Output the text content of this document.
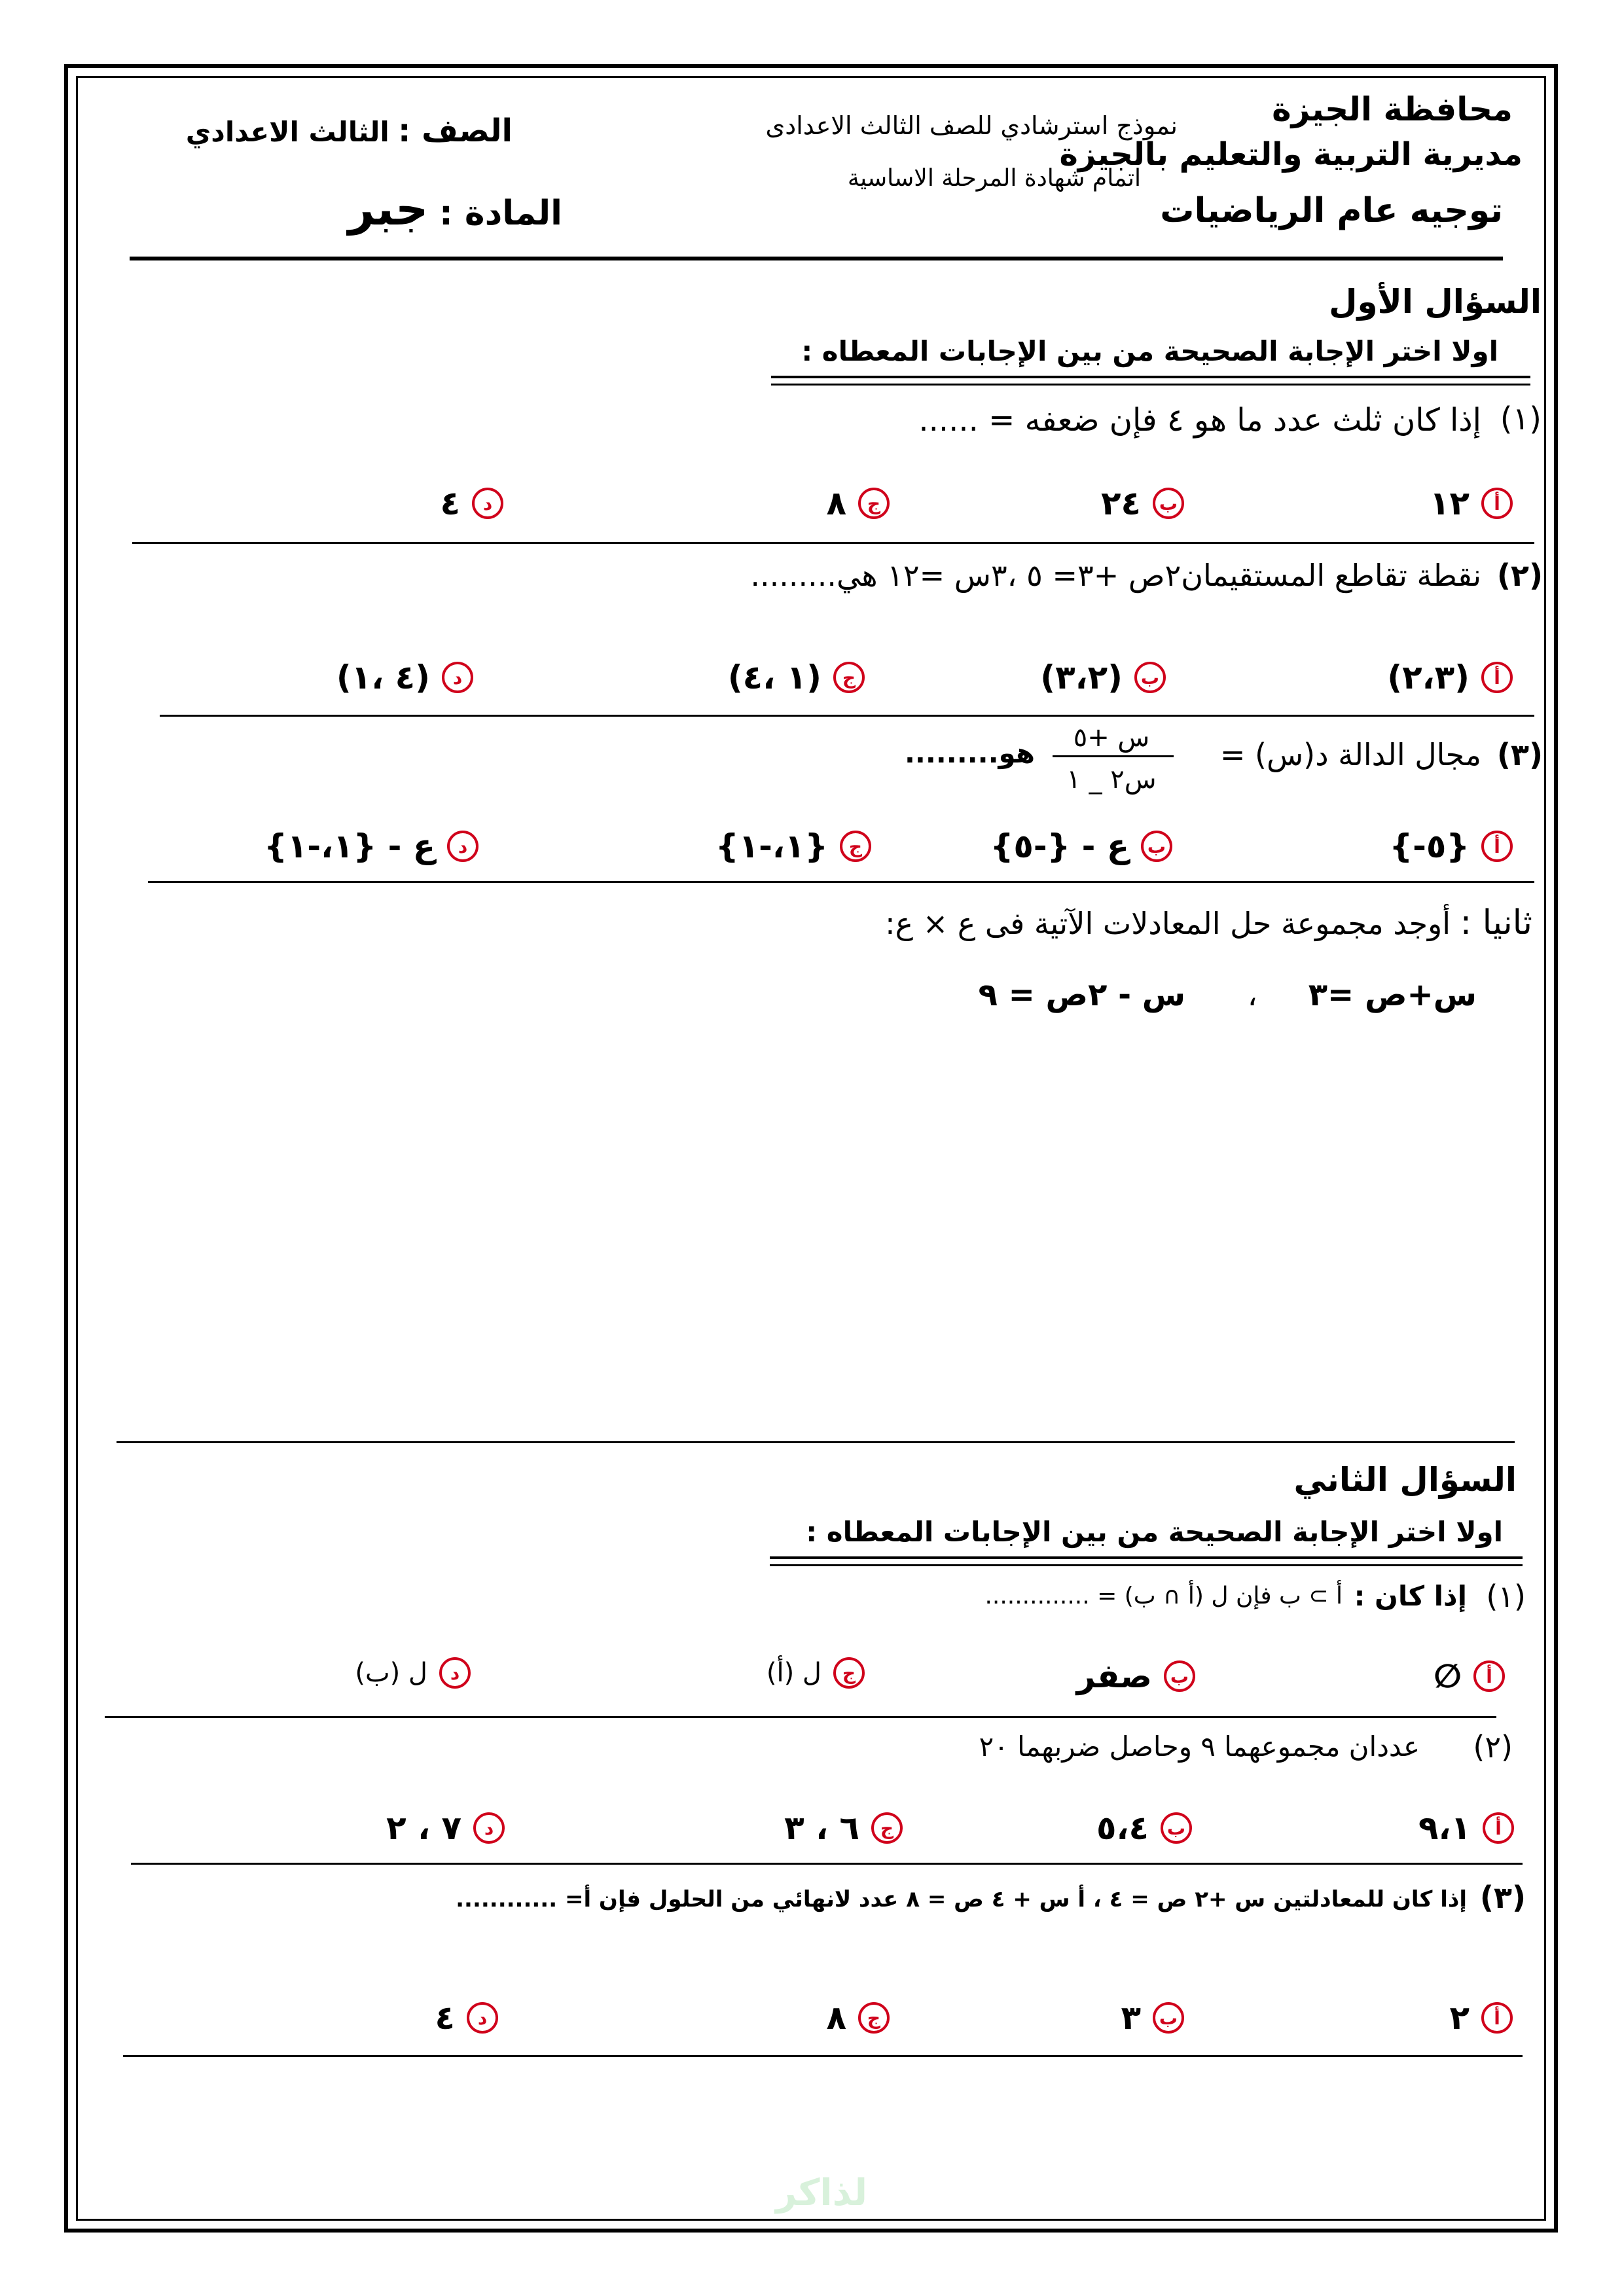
محافظة الجيزة
مديرية التربية والتعليم بالجيزة
توجيه عام الرياضيات
نموذج استرشادي للصف الثالث الاعدادى
اتمام شهادة المرحلة الاساسية
الصف : الثالث الاعدادي
المادة : جبر
السؤال الأول
اولا اختر الإجابة الصحيحة من بين الإجابات المعطاه :
(١)
إذا كان ثلث عدد ما هو ٤ فإن ضعفه = ......
أ
١٢
ب
٢٤
ج
٨
د
٤
(٢)
نقطة تقاطع المستقيمان٢ص +٣= ٥ ،٣س =١٢ هي.........
أ
(٢،٣)
ب
(٣،٢)
ج
(١ ،٤)
د
(٤ ،١)
(٣)
مجال الدالة د(س) =
س +٥
س٢ _ ١
هو.........
أ
{-٥}
ب
ع - {-٥}
ج
{١،-١}
د
ع - {١،-١}
ثانيا : أوجد مجموعة حل المعادلات الآتية فى ع × ع:
س+ص =٣
،
س - ٢ص = ٩
السؤال الثاني
اولا اختر الإجابة الصحيحة من بين الإجابات المعطاه :
(١)
إذا كان :
أ ⊃ ب فإن ل (أ ∩ ب) = ..............
أ
∅
ب
صفر
ج
ل (أ)
د
ل (ب)
(٢)
عددان مجموعهما ٩ وحاصل ضربهما ٢٠
أ
٩،١
ب
٥،٤
ج
٦ ، ٣
د
٧ ، ٢
(٣)
إذا كان للمعادلتين س +٢ ص = ٤ ، أ س + ٤ ص = ٨ عدد لانهائي من الحلول فإن أ= ............
أ
٢
ب
٣
ج
٨
د
٤
لذاكر
